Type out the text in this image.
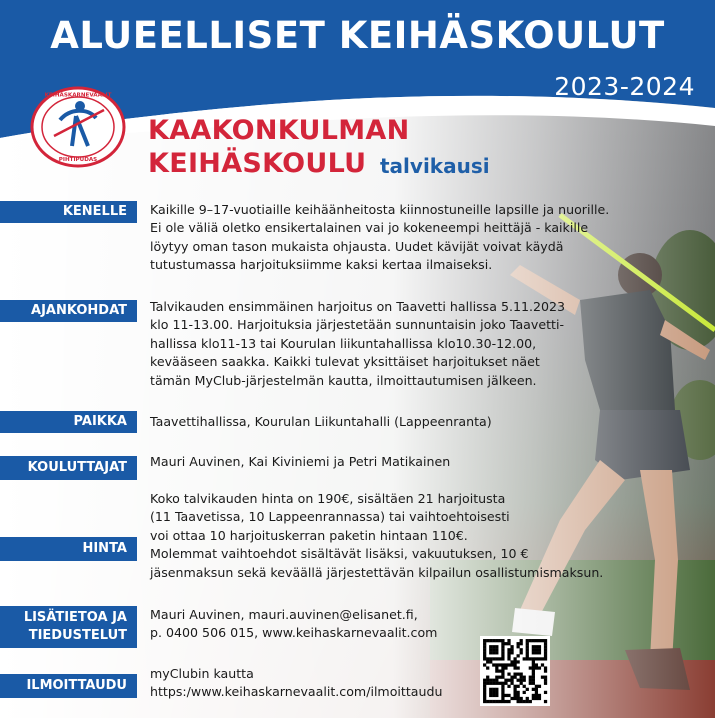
ALUEELLISET KEIHÄSKOULUT
2023-2024
KEIHÄSKARNEVAALIT
PIHTIPUDAS
KAAKONKULMAN
KEIHÄSKOULU talvikausi
KENELLE Kaikille 9–17-vuotiaille keihäänheitosta kiinnostuneille lapsille ja nuorille.
Ei ole väliä oletko ensikertalainen vai jo kokeneempi heittäjä - kaikille
löytyy oman tason mukaista ohjausta. Uudet kävijät voivat käydä
tutustumassa harjoituksiimme kaksi kertaa ilmaiseksi.
AJANKOHDAT Talvikauden ensimmäinen harjoitus on Taavetti hallissa 5.11.2023
klo 11-13.00. Harjoituksia järjestetään sunnuntaisin joko Taavetti-
hallissa klo11-13 tai Kourulan liikuntahallissa klo10.30-12.00,
kevääseen saakka. Kaikki tulevat yksittäiset harjoitukset näet
tämän MyClub-järjestelmän kautta, ilmoittautumisen jälkeen.
PAIKKA Taavettihallissa, Kourulan Liikuntahalli (Lappeenranta)
KOULUTTAJAT Mauri Auvinen, Kai Kiviniemi ja Petri Matikainen
HINTA
Koko talvikauden hinta on 190€, sisältäen 21 harjoitusta
(11 Taavetissa, 10 Lappeenrannassa) tai vaihtoehtoisesti
voi ottaa 10 harjoituskerran paketin hintaan 110€.
Molemmat vaihtoehdot sisältävät lisäksi, vakuutuksen, 10 €
jäsenmaksun sekä keväällä järjestettävän kilpailun osallistumismaksun.
LISÄTIETOA JA
TIEDUSTELUT
Mauri Auvinen, mauri.auvinen@elisanet.fi,
p. 0400 506 015, www.keihaskarnevaalit.com
ILMOITTAUDU
myClubin kautta
https:/www.keihaskarnevaalit.com/ilmoittaudu
